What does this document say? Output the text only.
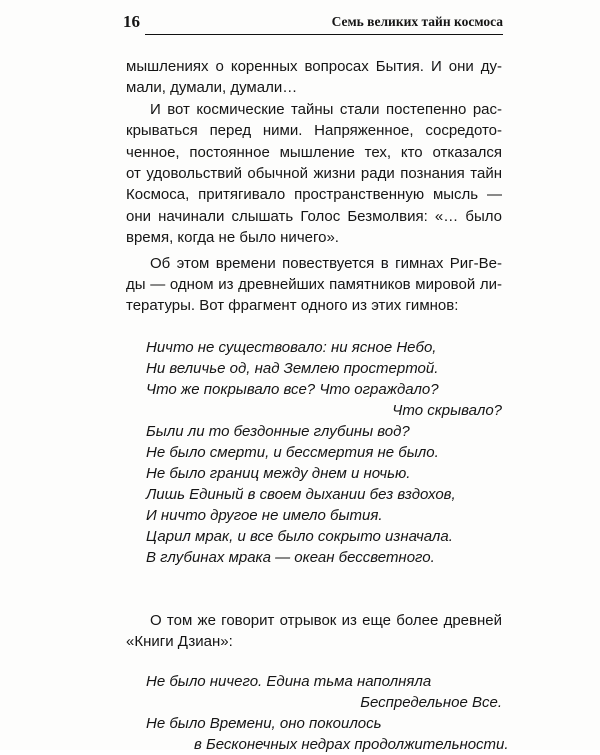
16	Семь великих тайн космоса

мышлениях о коренных вопросах Бытия. И они ду-
мали, думали, думали…

И вот космические тайны стали постепенно рас-
крываться перед ними. Напряженное, сосредото-
ченное, постоянное мышление тех, кто отказался
от удовольствий обычной жизни ради познания тайн
Космоса, притягивало пространственную мысль —
они начинали слышать Голос Безмолвия: «… было
время, когда не было ничего».

Об этом времени повествуется в гимнах Риг-Ве-
ды — одном из древнейших памятников мировой ли-
тературы. Вот фрагмент одного из этих гимнов:

Ничто не существовало: ни ясное Небо,
Ни величье од, над Землею простертой.
Что же покрывало все? Что ограждало?
Что скрывало?
Были ли то бездонные глубины вод?
Не было смерти, и бессмертия не было.
Не было границ между днем и ночью.
Лишь Единый в своем дыхании без вздохов,
И ничто другое не имело бытия.
Царил мрак, и все было сокрыто изначала.
В глубинах мрака — океан бессветного.

О том же говорит отрывок из еще более древней
«Книги Дзиан»:

Не было ничего. Едина тьма наполняла
Беспредельное Все.
Не было Времени, оно покоилось
в Бесконечных недрах продолжительности.
